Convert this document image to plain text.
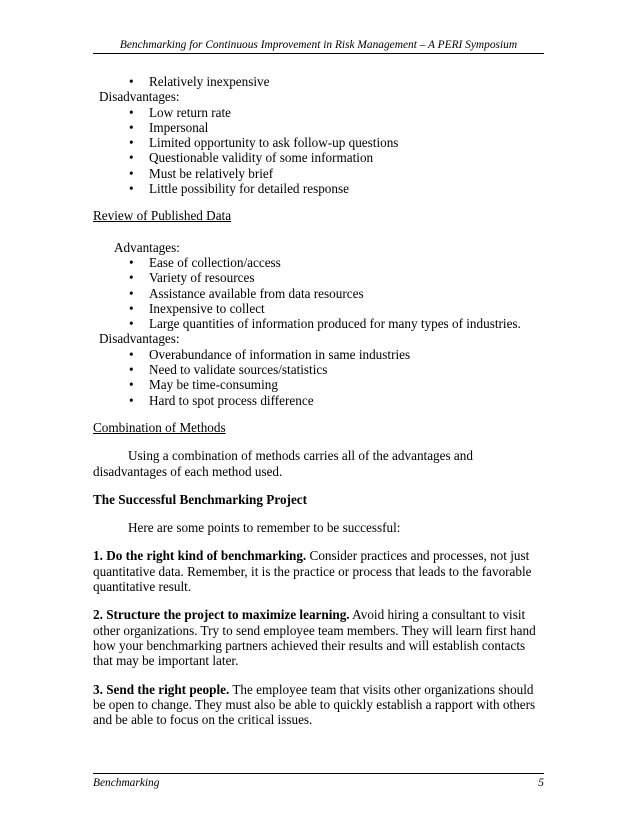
Benchmarking for Continuous Improvement in Risk Management – A PERI Symposium
• Relatively inexpensive
Disadvantages:
• Low return rate
• Impersonal
• Limited opportunity to ask follow-up questions
• Questionable validity of some information
• Must be relatively brief
• Little possibility for detailed response
Review of Published Data
Advantages:
• Ease of collection/access
• Variety of resources
• Assistance available from data resources
• Inexpensive to collect
• Large quantities of information produced for many types of industries.
Disadvantages:
• Overabundance of information in same industries
• Need to validate sources/statistics
• May be time-consuming
• Hard to spot process difference
Combination of Methods
Using a combination of methods carries all of the advantages and disadvantages of each method used.
The Successful Benchmarking Project
Here are some points to remember to be successful:
1. Do the right kind of benchmarking. Consider practices and processes, not just quantitative data. Remember, it is the practice or process that leads to the favorable quantitative result.
2. Structure the project to maximize learning. Avoid hiring a consultant to visit other organizations. Try to send employee team members. They will learn first hand how your benchmarking partners achieved their results and will establish contacts that may be important later.
3. Send the right people. The employee team that visits other organizations should be open to change. They must also be able to quickly establish a rapport with others and be able to focus on the critical issues.
Benchmarking	5
